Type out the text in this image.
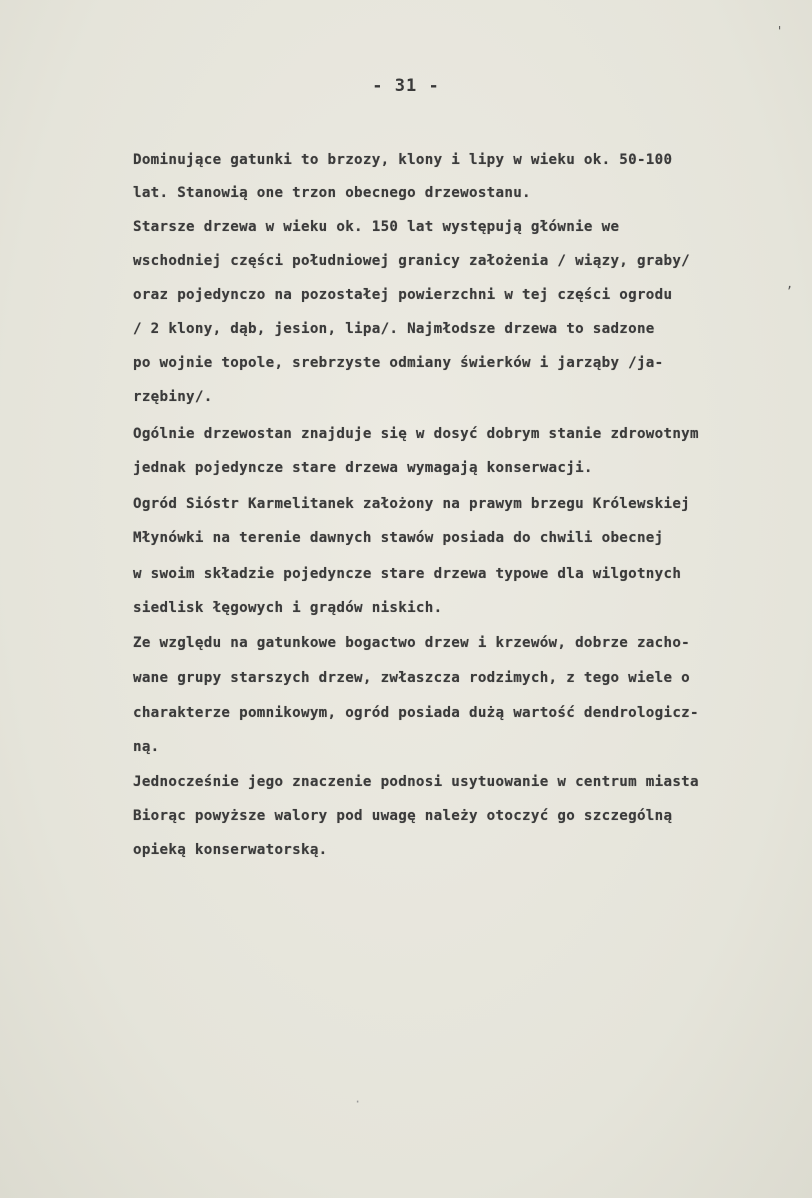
- 31 -
Dominujące gatunki to brzozy, klony i lipy w wieku ok. 50-100
lat. Stanowią one trzon obecnego drzewostanu.
Starsze drzewa w wieku ok. 150 lat występują głównie we
wschodniej części południowej granicy założenia / wiązy, graby/
oraz pojedynczo na pozostałej powierzchni w tej części ogrodu
/ 2 klony, dąb, jesion, lipa/. Najmłodsze drzewa to sadzone
po wojnie topole, srebrzyste odmiany świerków i jarząby /ja-
rzębiny/.
Ogólnie drzewostan znajduje się w dosyć dobrym stanie zdrowotnym
jednak pojedyncze stare drzewa wymagają konserwacji.
Ogród Sióstr Karmelitanek założony na prawym brzegu Królewskiej
Młynówki na terenie dawnych stawów posiada do chwili obecnej
w swoim składzie pojedyncze stare drzewa typowe dla wilgotnych
siedlisk łęgowych i grądów niskich.
Ze względu na gatunkowe bogactwo drzew i krzewów, dobrze zacho-
wane grupy starszych drzew, zwłaszcza rodzimych, z tego wiele o
charakterze pomnikowym, ogród posiada dużą wartość dendrologicz-
ną.
Jednocześnie jego znaczenie podnosi usytuowanie w centrum miasta
Biorąc powyższe walory pod uwagę należy otoczyć go szczególną
opieką konserwatorską.
'
,
·
